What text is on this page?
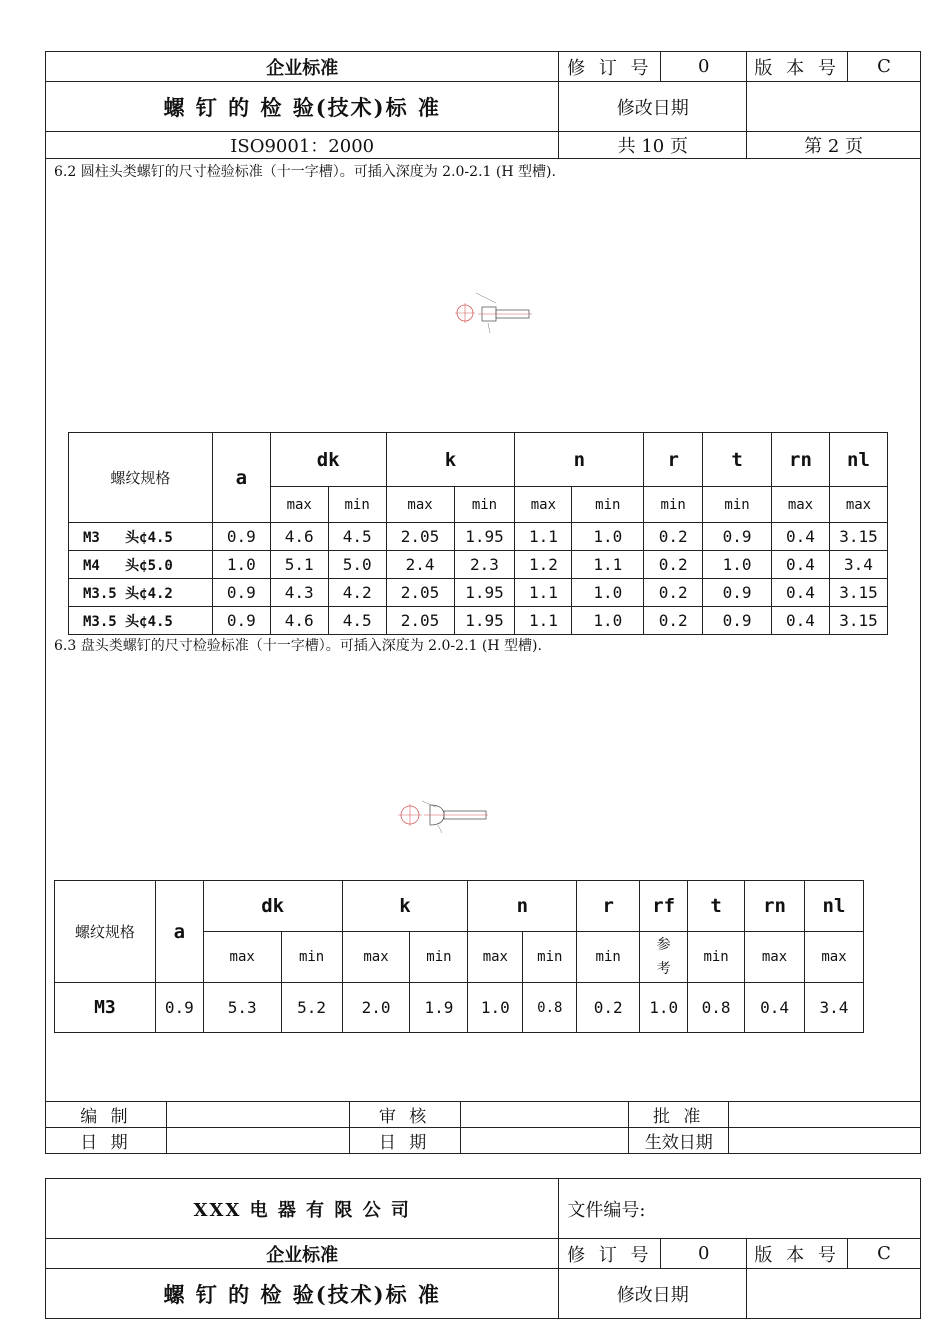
企业标准	修 订 号	0	版 本 号	C
螺 钉 的 检 验(技术)标 准	修改日期			
ISO9001：2000	共 10 页		第 2 页	
6.2 圆柱头类螺钉的尺寸检验标准（十一字槽）。可插入深度为 2.0-2.1 (H 型槽).
螺纹规格	a	dk		k		n		r	t	rn	nl
		max	min	max	min	max	min	min	min	max	max
M3   头¢4.5	0.9	4.6	4.5	2.05	1.95	1.1	1.0	0.2	0.9	0.4	3.15
M4   头¢5.0	1.0	5.1	5.0	2.4	2.3	1.2	1.1	0.2	1.0	0.4	3.4
M3.5 头¢4.2	0.9	4.3	4.2	2.05	1.95	1.1	1.0	0.2	0.9	0.4	3.15
M3.5 头¢4.5	0.9	4.6	4.5	2.05	1.95	1.1	1.0	0.2	0.9	0.4	3.15
6.3 盘头类螺钉的尺寸检验标准（十一字槽）。可插入深度为 2.0-2.1 (H 型槽).
螺纹规格	a	dk		k		n		r	rf	t	rn	nl
		max	min	max	min	max	min	min	参考	min	max	max
M3	0.9	5.3	5.2	2.0	1.9	1.0	0.8	0.2	1.0	0.8	0.4	3.4
编 制		审 核		批 准	
日 期		日 期		生效日期	
XXX 电 器 有 限 公 司	文件编号:			
企业标准	修 订 号	0	版 本 号	C
螺 钉 的 检 验(技术)标 准	修改日期			
